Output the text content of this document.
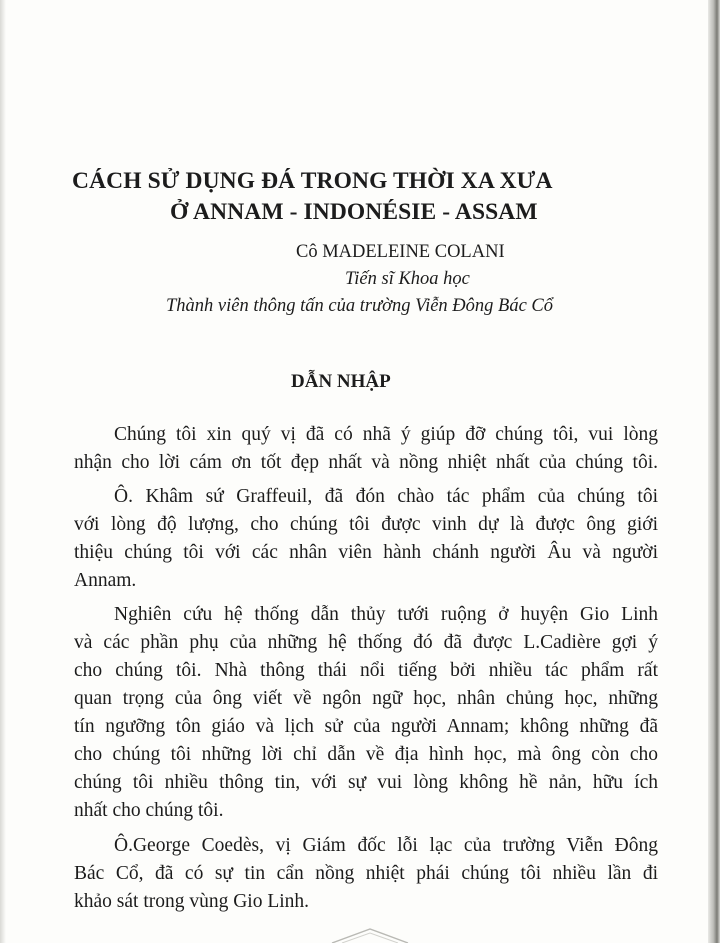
CÁCH SỬ DỤNG ĐÁ TRONG THỜI XA XƯA
Ở ANNAM - INDONÉSIE - ASSAM
Cô MADELEINE COLANI
Tiến sĩ Khoa học
Thành viên thông tấn của trường Viễn Đông Bác Cổ
DẪN NHẬP

Chúng tôi xin quý vị đã có nhã ý giúp đỡ chúng tôi, vui lòng

nhận cho lời cám ơn tốt đẹp nhất và nồng nhiệt nhất của chúng tôi.

Ô. Khâm sứ Graffeuil, đã đón chào tác phẩm của chúng tôi

với lòng độ lượng, cho chúng tôi được vinh dự là được ông giới

thiệu chúng tôi với các nhân viên hành chánh người Âu và người

Annam.

Nghiên cứu hệ thống dẫn thủy tưới ruộng ở huyện Gio Linh

và các phần phụ của những hệ thống đó đã được L.Cadière gợi ý

cho chúng tôi. Nhà thông thái nổi tiếng bởi nhiều tác phẩm rất

quan trọng của ông viết về ngôn ngữ học, nhân chủng học, những

tín ngưỡng tôn giáo và lịch sử của người Annam; không những đã

cho chúng tôi những lời chỉ dẫn về địa hình học, mà ông còn cho

chúng tôi nhiều thông tin, với sự vui lòng không hề nản, hữu ích

nhất cho chúng tôi.

Ô.George Coedès, vị Giám đốc lỗi lạc của trường Viễn Đông

Bác Cổ, đã có sự tin cẩn nồng nhiệt phái chúng tôi nhiều lần đi

khảo sát trong vùng Gio Linh.
